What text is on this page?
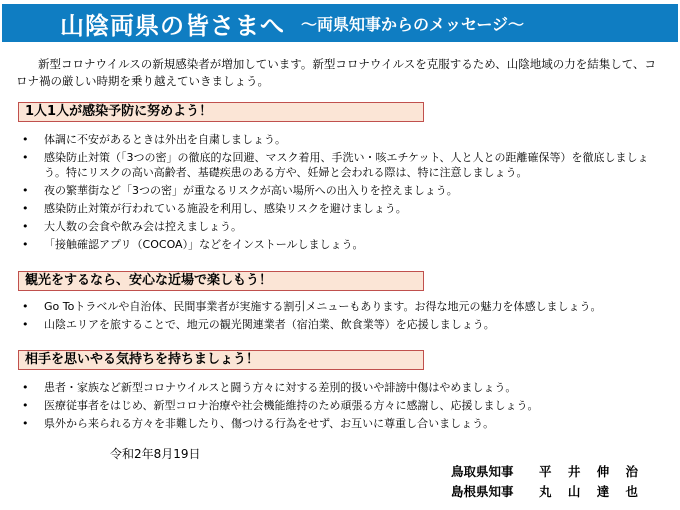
山陰両県の皆さまへ ～両県知事からのメッセージ～
新型コロナウイルスの新規感染者が増加しています。新型コロナウイルスを克服するため、山陰地域の力を結集して、コロナ禍の厳しい時期を乗り越えていきましょう。
1人1人が感染予防に努めよう！
• 体調に不安があるときは外出を自粛しましょう。
• 感染防止対策（「3つの密」の徹底的な回避、マスク着用、手洗い・咳エチケット、人と人との距離確保等）を徹底しましょう。特にリスクの高い高齢者、基礎疾患のある方や、妊婦と会われる際は、特に注意しましょう。
• 夜の繁華街など「3つの密」が重なるリスクが高い場所への出入りを控えましょう。
• 感染防止対策が行われている施設を利用し、感染リスクを避けましょう。
• 大人数の会食や飲み会は控えましょう。
• 「接触確認アプリ（COCOA）」などをインストールしましょう。
観光をするなら、安心な近場で楽しもう！
• Go Toトラベルや自治体、民間事業者が実施する割引メニューもあります。お得な地元の魅力を体感しましょう。
• 山陰エリアを旅することで、地元の観光関連業者（宿泊業、飲食業等）を応援しましょう。
相手を思いやる気持ちを持ちましょう！
• 患者・家族など新型コロナウイルスと闘う方々に対する差別的扱いや誹謗中傷はやめましょう。
• 医療従事者をはじめ、新型コロナ治療や社会機能維持のため頑張る方々に感謝し、応援しましょう。
• 県外から来られる方々を非難したり、傷つける行為をせず、お互いに尊重し合いましょう。
令和2年8月19日
鳥取県知事 平 井 伸 治
島根県知事 丸 山 達 也
